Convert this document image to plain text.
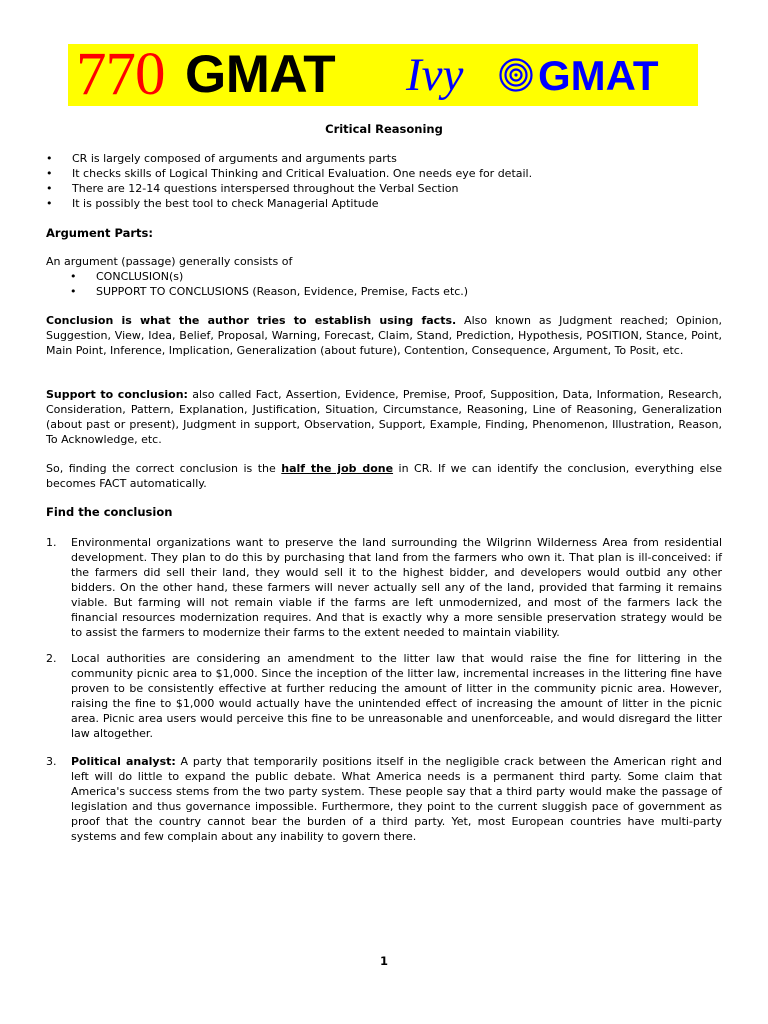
770 GMAT Ivy GMAT
Critical Reasoning
• CR is largely composed of arguments and arguments parts
• It checks skills of Logical Thinking and Critical Evaluation. One needs eye for detail.
• There are 12-14 questions interspersed throughout the Verbal Section
• It is possibly the best tool to check Managerial Aptitude
Argument Parts:
An argument (passage) generally consists of
• CONCLUSION(s)
• SUPPORT TO CONCLUSIONS (Reason, Evidence, Premise, Facts etc.)
Conclusion is what the author tries to establish using facts. Also known as Judgment reached; Opinion, Suggestion, View, Idea, Belief, Proposal, Warning, Forecast, Claim, Stand, Prediction, Hypothesis, POSITION, Stance, Point, Main Point, Inference, Implication, Generalization (about future), Contention, Consequence, Argument, To Posit, etc.
Support to conclusion: also called Fact, Assertion, Evidence, Premise, Proof, Supposition, Data, Information, Research, Consideration, Pattern, Explanation, Justification, Situation, Circumstance, Reasoning, Line of Reasoning, Generalization (about past or present), Judgment in support, Observation, Support, Example, Finding, Phenomenon, Illustration, Reason, To Acknowledge, etc.
So, finding the correct conclusion is the half the job done in CR. If we can identify the conclusion, everything else becomes FACT automatically.
Find the conclusion
1. Environmental organizations want to preserve the land surrounding the Wilgrinn Wilderness Area from residential development. They plan to do this by purchasing that land from the farmers who own it. That plan is ill-conceived: if the farmers did sell their land, they would sell it to the highest bidder, and developers would outbid any other bidders. On the other hand, these farmers will never actually sell any of the land, provided that farming it remains viable. But farming will not remain viable if the farms are left unmodernized, and most of the farmers lack the financial resources modernization requires. And that is exactly why a more sensible preservation strategy would be to assist the farmers to modernize their farms to the extent needed to maintain viability.
2. Local authorities are considering an amendment to the litter law that would raise the fine for littering in the community picnic area to $1,000. Since the inception of the litter law, incremental increases in the littering fine have proven to be consistently effective at further reducing the amount of litter in the community picnic area. However, raising the fine to $1,000 would actually have the unintended effect of increasing the amount of litter in the picnic area. Picnic area users would perceive this fine to be unreasonable and unenforceable, and would disregard the litter law altogether.
3. Political analyst: A party that temporarily positions itself in the negligible crack between the American right and left will do little to expand the public debate. What America needs is a permanent third party. Some claim that America's success stems from the two party system. These people say that a third party would make the passage of legislation and thus governance impossible. Furthermore, they point to the current sluggish pace of government as proof that the country cannot bear the burden of a third party. Yet, most European countries have multi-party systems and few complain about any inability to govern there.
1
